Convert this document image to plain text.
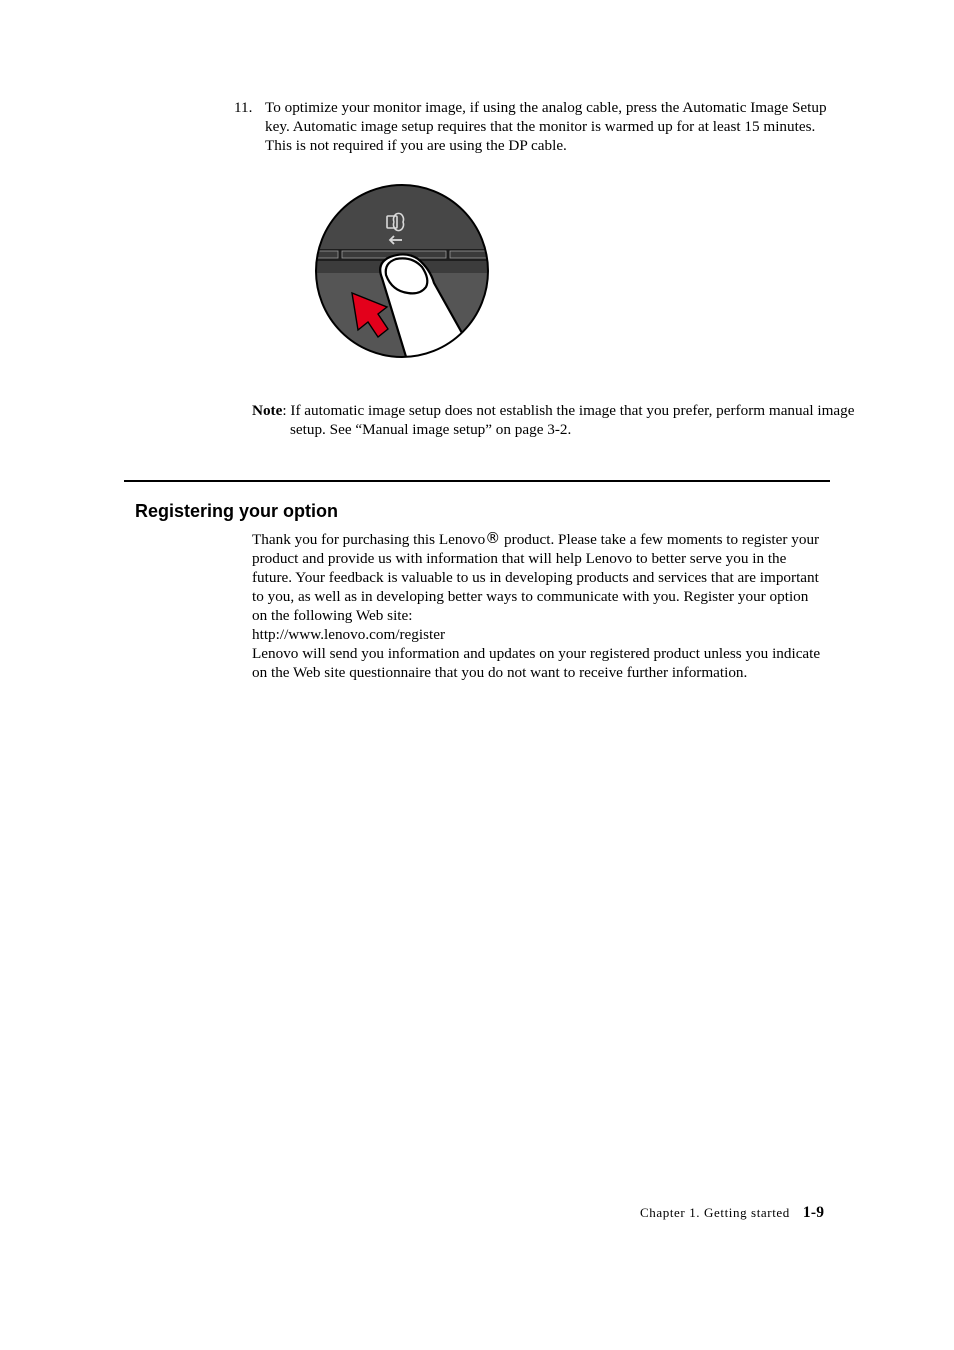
11. To optimize your monitor image, if using the analog cable, press the Automatic Image Setup key. Automatic image setup requires that the monitor is warmed up for at least 15 minutes. This is not required if you are using the DP cable.
Note: If automatic image setup does not establish the image that you prefer, perform manual image setup. See “Manual image setup” on page 3-2.
Registering your option

Thank you for purchasing this Lenovo® product. Please take a few moments to register your product and provide us with information that will help Lenovo to better serve you in the future. Your feedback is valuable to us in developing products and services that are important to you, as well as in developing better ways to communicate with you. Register your option on the following Web site:

http://www.lenovo.com/register

Lenovo will send you information and updates on your registered product unless you indicate on the Web site questionnaire that you do not want to receive further information.

Chapter 1. Getting started 1-9
